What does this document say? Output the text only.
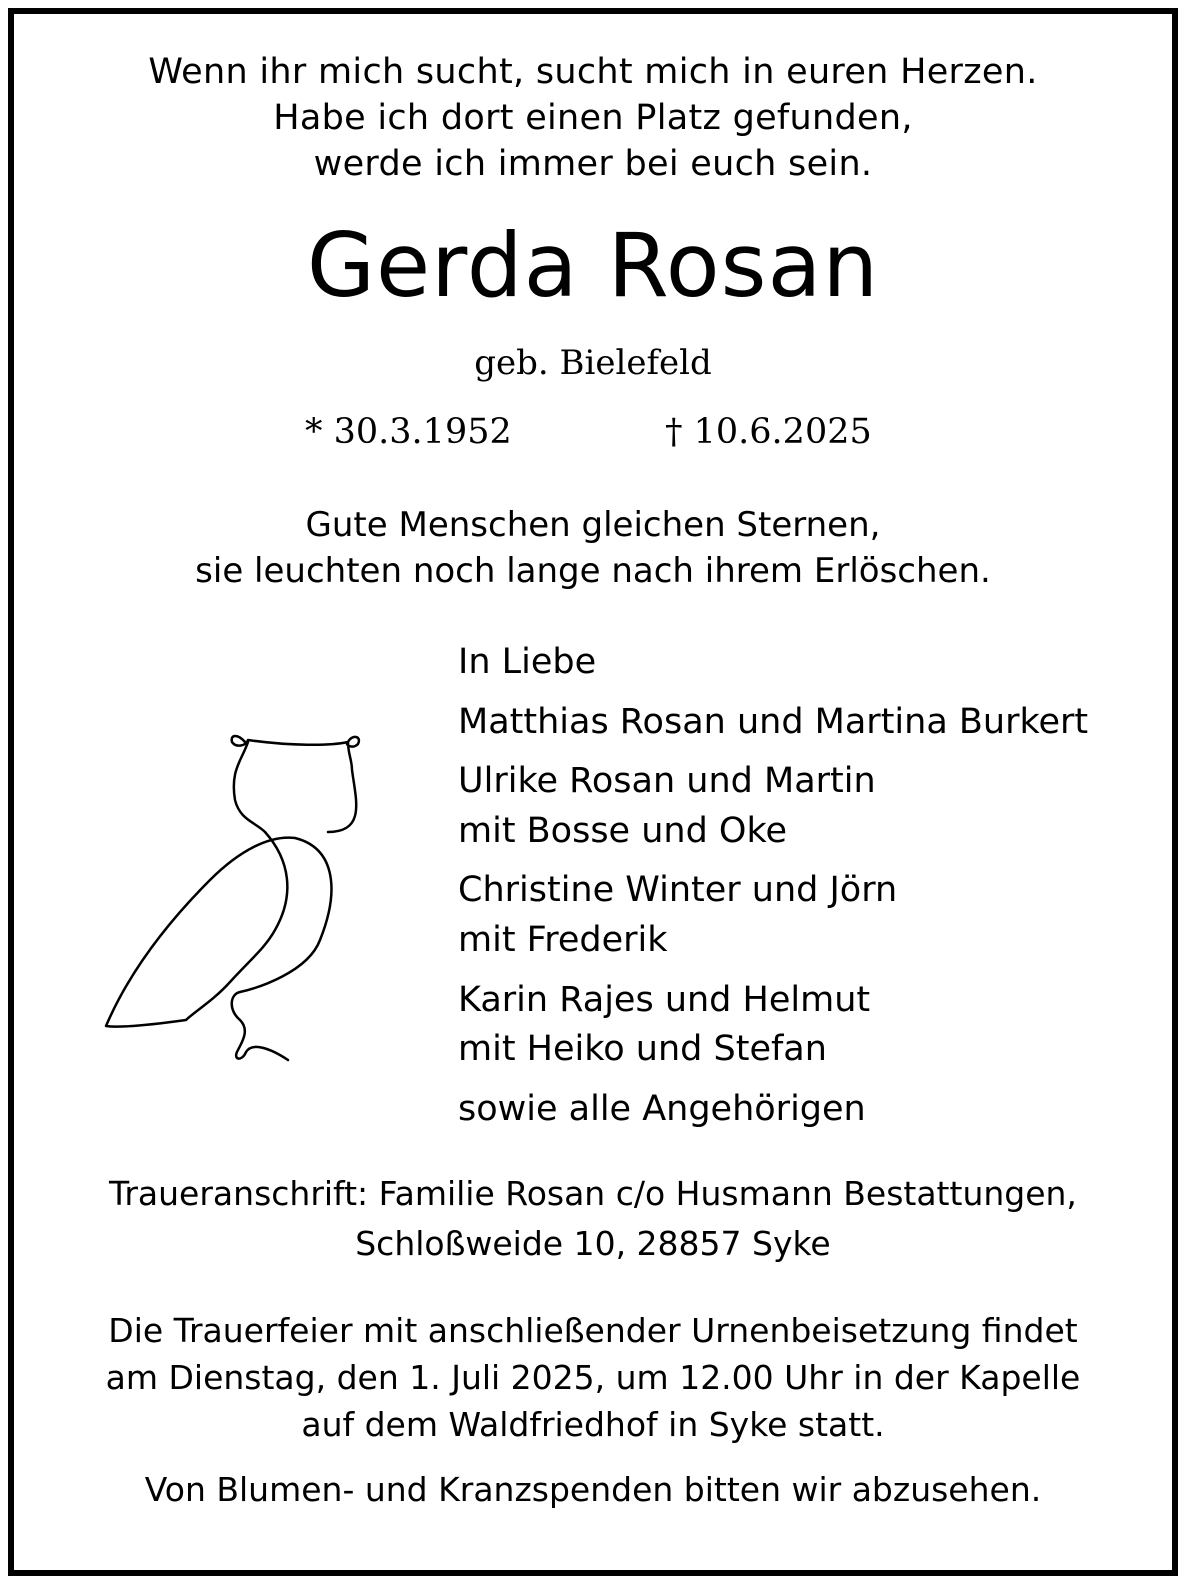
Wenn ihr mich sucht, sucht mich in euren Herzen.
Habe ich dort einen Platz gefunden,
werde ich immer bei euch sein.
Gerda Rosan
geb. Bielefeld
* 30.3.1952	† 10.6.2025
Gute Menschen gleichen Sternen,
sie leuchten noch lange nach ihrem Erlöschen.
In Liebe
Matthias Rosan und Martina Burkert
Ulrike Rosan und Martin
mit Bosse und Oke
Christine Winter und Jörn
mit Frederik
Karin Rajes und Helmut
mit Heiko und Stefan
sowie alle Angehörigen
Traueranschrift: Familie Rosan c/o Husmann Bestattungen,
Schloßweide 10, 28857 Syke
Die Trauerfeier mit anschließender Urnenbeisetzung findet
am Dienstag, den 1. Juli 2025, um 12.00 Uhr in der Kapelle
auf dem Waldfriedhof in Syke statt.
Von Blumen- und Kranzspenden bitten wir abzusehen.
